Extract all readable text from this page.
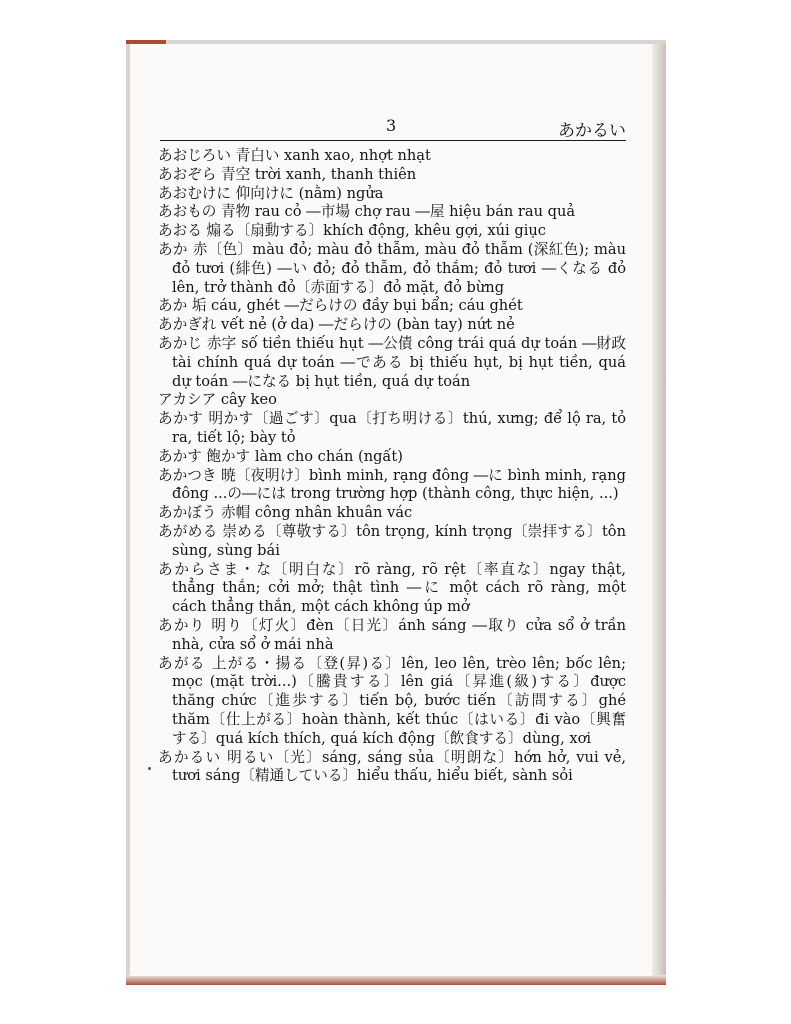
3	あかるい
あおじろい 青白い xanh xao, nhợt nhạt
あおぞら 青空 trời xanh, thanh thiên
あおむけに 仰向けに (nằm) ngửa
あおもの 青物 rau cỏ ―市場 chợ rau ―屋 hiệu bán rau quả
あおる 煽る〔扇動する〕khích động, khêu gợi, xúi giục
あか 赤〔色〕màu đỏ; màu đỏ thẫm, màu đỏ thẫm (深紅色); màu đỏ tươi (緋色) ―い đỏ; đỏ thẫm, đỏ thắm; đỏ tươi ―くなる đỏ lên, trở thành đỏ〔赤面する〕đỏ mặt, đỏ bừng
あか 垢 cáu, ghét ―だらけの đầy bụi bẩn; cáu ghét
あかぎれ vết nẻ (ở da) ―だらけの (bàn tay) nứt nẻ
あかじ 赤字 số tiền thiếu hụt ―公債 công trái quá dự toán ―財政 tài chính quá dự toán ―である bị thiếu hụt, bị hụt tiền, quá dự toán ―になる bị hụt tiền, quá dự toán
アカシア cây keo
あかす 明かす〔過ごす〕qua〔打ち明ける〕thú, xưng; để lộ ra, tỏ ra, tiết lộ; bày tỏ
あかす 飽かす làm cho chán (ngất)
あかつき 暁〔夜明け〕bình minh, rạng đông ―に bình minh, rạng đông ...の―には trong trường hợp (thành công, thực hiện, ...)
あかぼう 赤帽 công nhân khuân vác
あがめる 崇める〔尊敬する〕tôn trọng, kính trọng〔崇拝する〕tôn sùng, sùng bái
あからさま・な〔明白な〕rõ ràng, rõ rệt〔率直な〕ngay thật, thẳng thắn; cởi mở; thật tình ―に một cách rõ ràng, một cách thẳng thắn, một cách không úp mở
あかり 明り〔灯火〕đèn〔日光〕ánh sáng ―取り cửa sổ ở trần nhà, cửa sổ ở mái nhà
あがる 上がる・揚る〔登(昇)る〕lên, leo lên, trèo lên; bốc lên; mọc (mặt trời...)〔騰貴する〕lên giá〔昇進(級)する〕được thăng chức〔進歩する〕tiến bộ, bước tiến〔訪問する〕ghé thăm〔仕上がる〕hoàn thành, kết thúc〔はいる〕đi vào〔興奮する〕quá kích thích, quá kích động〔飲食する〕dùng, xơi
あかるい 明るい〔光〕sáng, sáng sủa〔明朗な〕hớn hở, vui vẻ, tươi sáng〔精通している〕hiểu thấu, hiểu biết, sành sỏi
